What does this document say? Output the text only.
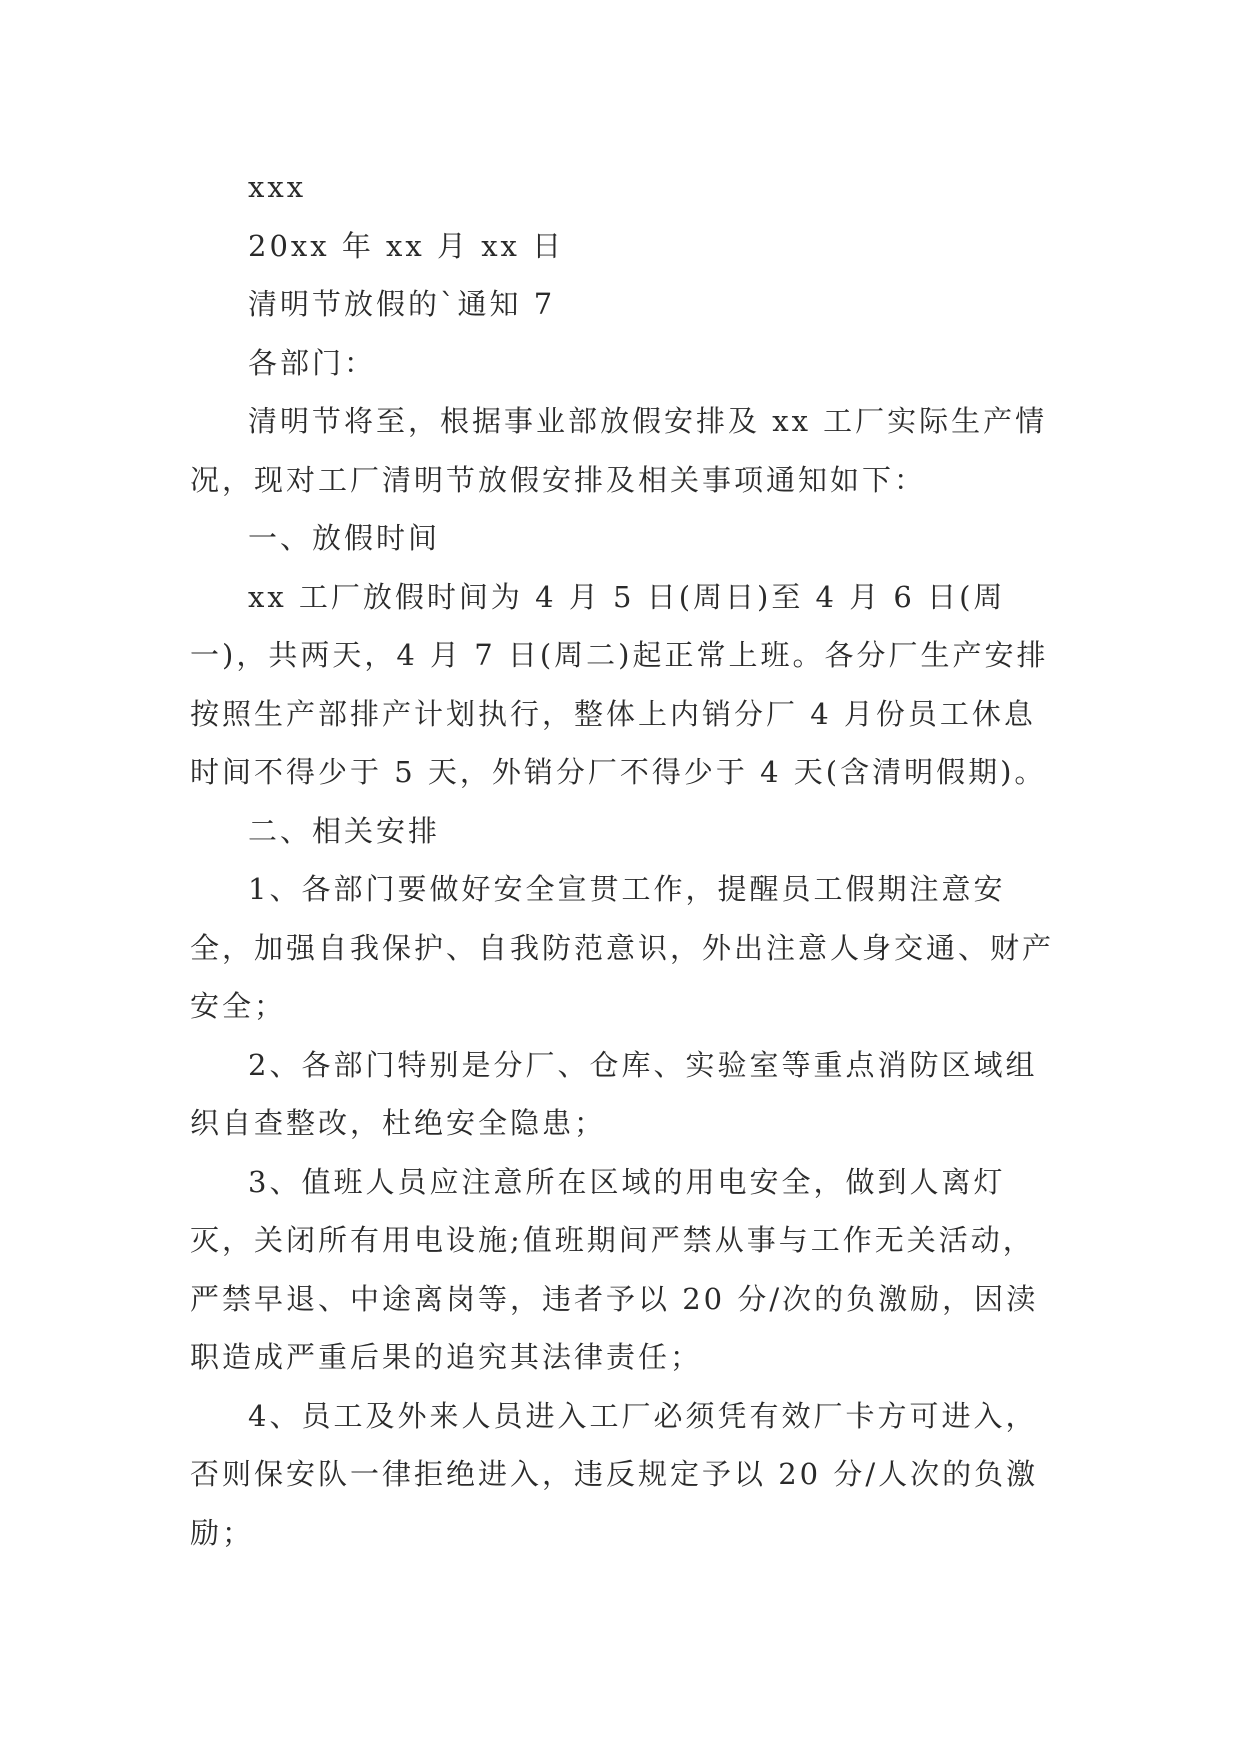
xxx

20xx 年 xx 月 xx 日

清明节放假的`通知 7

各部门：

清明节将至，根据事业部放假安排及 xx 工厂实际生产情况，现对工厂清明节放假安排及相关事项通知如下：

一、放假时间

xx 工厂放假时间为 4 月 5 日(周日)至 4 月 6 日(周一)，共两天，4 月 7 日(周二)起正常上班。各分厂生产安排按照生产部排产计划执行，整体上内销分厂 4 月份员工休息时间不得少于 5 天，外销分厂不得少于 4 天(含清明假期)。

二、相关安排

1、各部门要做好安全宣贯工作，提醒员工假期注意安全，加强自我保护、自我防范意识，外出注意人身交通、财产安全；

2、各部门特别是分厂、仓库、实验室等重点消防区域组织自查整改，杜绝安全隐患；

3、值班人员应注意所在区域的用电安全，做到人离灯灭，关闭所有用电设施;值班期间严禁从事与工作无关活动，严禁早退、中途离岗等，违者予以 20 分/次的负激励，因渎职造成严重后果的追究其法律责任；

4、员工及外来人员进入工厂必须凭有效厂卡方可进入，否则保安队一律拒绝进入，违反规定予以 20 分/人次的负激励；
